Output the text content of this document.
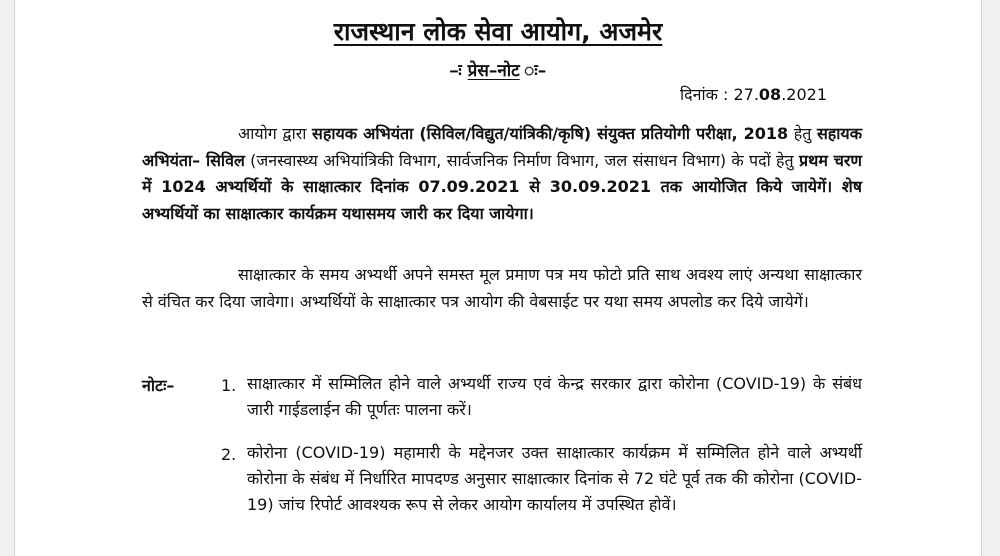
राजस्थान लोक सेवा आयोग, अजमेर
–ः प्रेस–नोट ः–
दिनांक : 27.08.2021
आयोग द्वारा सहायक अभियंता (सिविल/विद्युत/यांत्रिकी/कृषि) संयुक्त प्रतियोगी परीक्षा, 2018 हेतु सहायक अभियंता– सिविल (जनस्वास्थ्य अभियांत्रिकी विभाग, सार्वजनिक निर्माण विभाग, जल संसाधन विभाग) के पदों हेतु प्रथम चरण में 1024 अभ्यर्थियों के साक्षात्कार दिनांक 07.09.2021 से 30.09.2021 तक आयोजित किये जायेगें। शेष अभ्यर्थियों का साक्षात्कार कार्यक्रम यथासमय जारी कर दिया जायेगा।
साक्षात्कार के समय अभ्यर्थी अपने समस्त मूल प्रमाण पत्र मय फोटो प्रति साथ अवश्य लाएं अन्यथा साक्षात्कार से वंचित कर दिया जावेगा। अभ्यर्थियों के साक्षात्कार पत्र आयोग की वेबसाईट पर यथा समय अपलोड कर दिये जायेगें।
नोटः–	1. साक्षात्कार में सम्मिलित होने वाले अभ्यर्थी राज्य एवं केन्द्र सरकार द्वारा कोरोना (COVID-19) के संबंध जारी गाईडलाईन की पूर्णतः पालना करें।
2. कोरोना (COVID-19) महामारी के मद्देनजर उक्त साक्षात्कार कार्यक्रम में सम्मिलित होने वाले अभ्यर्थी कोरोना के संबंध में निर्धारित मापदण्ड अनुसार साक्षात्कार दिनांक से 72 घंटे पूर्व तक की कोरोना (COVID-19) जांच रिपोर्ट आवश्यक रूप से लेकर आयोग कार्यालय में उपस्थित होवें।
